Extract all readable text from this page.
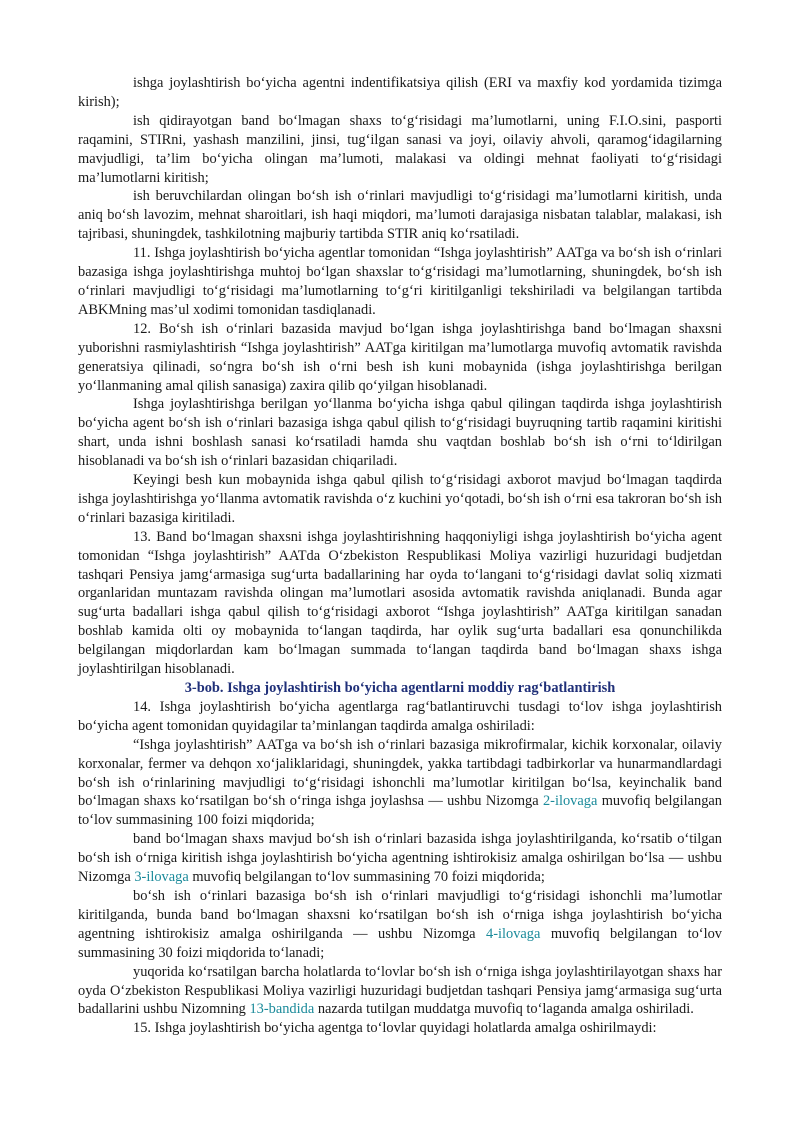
ishga joylashtirish bo‘yicha agentni indentifikatsiya qilish (ERI va maxfiy kod yordamida tizimga kirish);

ish qidirayotgan band bo‘lmagan shaxs to‘g‘risidagi ma’lumotlarni, uning F.I.O.sini, pasporti raqamini, STIRni, yashash manzilini, jinsi, tug‘ilgan sanasi va joyi, oilaviy ahvoli, qaramog‘idagilarning mavjudligi, ta’lim bo‘yicha olingan ma’lumoti, malakasi va oldingi mehnat faoliyati to‘g‘risidagi ma’lumotlarni kiritish;

ish beruvchilardan olingan bo‘sh ish o‘rinlari mavjudligi to‘g‘risidagi ma’lumotlarni kiritish, unda aniq bo‘sh lavozim, mehnat sharoitlari, ish haqi miqdori, ma’lumoti darajasiga nisbatan talablar, malakasi, ish tajribasi, shuningdek, tashkilotning majburiy tartibda STIR aniq ko‘rsatiladi.

11. Ishga joylashtirish bo‘yicha agentlar tomonidan “Ishga joylashtirish” AATga va bo‘sh ish o‘rinlari bazasiga ishga joylashtirishga muhtoj bo‘lgan shaxslar to‘g‘risidagi ma’lumotlarning, shuningdek, bo‘sh ish o‘rinlari mavjudligi to‘g‘risidagi ma’lumotlarning to‘g‘ri kiritilganligi tekshiriladi va belgilangan tartibda ABKMning mas’ul xodimi tomonidan tasdiqlanadi.

12. Bo‘sh ish o‘rinlari bazasida mavjud bo‘lgan ishga joylashtirishga band bo‘lmagan shaxsni yuborishni rasmiylashtirish “Ishga joylashtirish” AATga kiritilgan ma’lumotlarga muvofiq avtomatik ravishda generatsiya qilinadi, so‘ngra bo‘sh ish o‘rni besh ish kuni mobaynida (ishga joylashtirishga berilgan yo‘llanmaning amal qilish sanasiga) zaxira qilib qo‘yilgan hisoblanadi.

Ishga joylashtirishga berilgan yo‘llanma bo‘yicha ishga qabul qilingan taqdirda ishga joylashtirish bo‘yicha agent bo‘sh ish o‘rinlari bazasiga ishga qabul qilish to‘g‘risidagi buyruqning tartib raqamini kiritishi shart, unda ishni boshlash sanasi ko‘rsatiladi hamda shu vaqtdan boshlab bo‘sh ish o‘rni to‘ldirilgan hisoblanadi va bo‘sh ish o‘rinlari bazasidan chiqariladi.

Keyingi besh kun mobaynida ishga qabul qilish to‘g‘risidagi axborot mavjud bo‘lmagan taqdirda ishga joylashtirishga yo‘llanma avtomatik ravishda o‘z kuchini yo‘qotadi, bo‘sh ish o‘rni esa takroran bo‘sh ish o‘rinlari bazasiga kiritiladi.

13. Band bo‘lmagan shaxsni ishga joylashtirishning haqqoniyligi ishga joylashtirish bo‘yicha agent tomonidan “Ishga joylashtirish” AATda O‘zbekiston Respublikasi Moliya vazirligi huzuridagi budjetdan tashqari Pensiya jamg‘armasiga sug‘urta badallarining har oyda to‘langani to‘g‘risidagi davlat soliq xizmati organlaridan muntazam ravishda olingan ma’lumotlari asosida avtomatik ravishda aniqlanadi. Bunda agar sug‘urta badallari ishga qabul qilish to‘g‘risidagi axborot “Ishga joylashtirish” AATga kiritilgan sanadan boshlab kamida olti oy mobaynida to‘langan taqdirda, har oylik sug‘urta badallari esa qonunchilikda belgilangan miqdorlardan kam bo‘lmagan summada to‘langan taqdirda band bo‘lmagan shaxs ishga joylashtirilgan hisoblanadi.

3-bob. Ishga joylashtirish bo‘yicha agentlarni moddiy rag‘batlantirish

14. Ishga joylashtirish bo‘yicha agentlarga rag‘batlantiruvchi tusdagi to‘lov ishga joylashtirish bo‘yicha agent tomonidan quyidagilar ta’minlangan taqdirda amalga oshiriladi:

“Ishga joylashtirish” AATga va bo‘sh ish o‘rinlari bazasiga mikrofirmalar, kichik korxonalar, oilaviy korxonalar, fermer va dehqon xo‘jaliklaridagi, shuningdek, yakka tartibdagi tadbirkorlar va hunarmandlardagi bo‘sh ish o‘rinlarining mavjudligi to‘g‘risidagi ishonchli ma’lumotlar kiritilgan bo‘lsa, keyinchalik band bo‘lmagan shaxs ko‘rsatilgan bo‘sh o‘ringa ishga joylashsa — ushbu Nizomga 2-ilovaga muvofiq belgilangan to‘lov summasining 100 foizi miqdorida;

band bo‘lmagan shaxs mavjud bo‘sh ish o‘rinlari bazasida ishga joylashtirilganda, ko‘rsatib o‘tilgan bo‘sh ish o‘rniga kiritish ishga joylashtirish bo‘yicha agentning ishtirokisiz amalga oshirilgan bo‘lsa — ushbu Nizomga 3-ilovaga muvofiq belgilangan to‘lov summasining 70 foizi miqdorida;

bo‘sh ish o‘rinlari bazasiga bo‘sh ish o‘rinlari mavjudligi to‘g‘risidagi ishonchli ma’lumotlar kiritilganda, bunda band bo‘lmagan shaxsni ko‘rsatilgan bo‘sh ish o‘rniga ishga joylashtirish bo‘yicha agentning ishtirokisiz amalga oshirilganda — ushbu Nizomga 4-ilovaga muvofiq belgilangan to‘lov summasining 30 foizi miqdorida to‘lanadi;

yuqorida ko‘rsatilgan barcha holatlarda to‘lovlar bo‘sh ish o‘rniga ishga joylashtirilayotgan shaxs har oyda O‘zbekiston Respublikasi Moliya vazirligi huzuridagi budjetdan tashqari Pensiya jamg‘armasiga sug‘urta badallarini ushbu Nizomning 13-bandida nazarda tutilgan muddatga muvofiq to‘laganda amalga oshiriladi.

15. Ishga joylashtirish bo‘yicha agentga to‘lovlar quyidagi holatlarda amalga oshirilmaydi:
